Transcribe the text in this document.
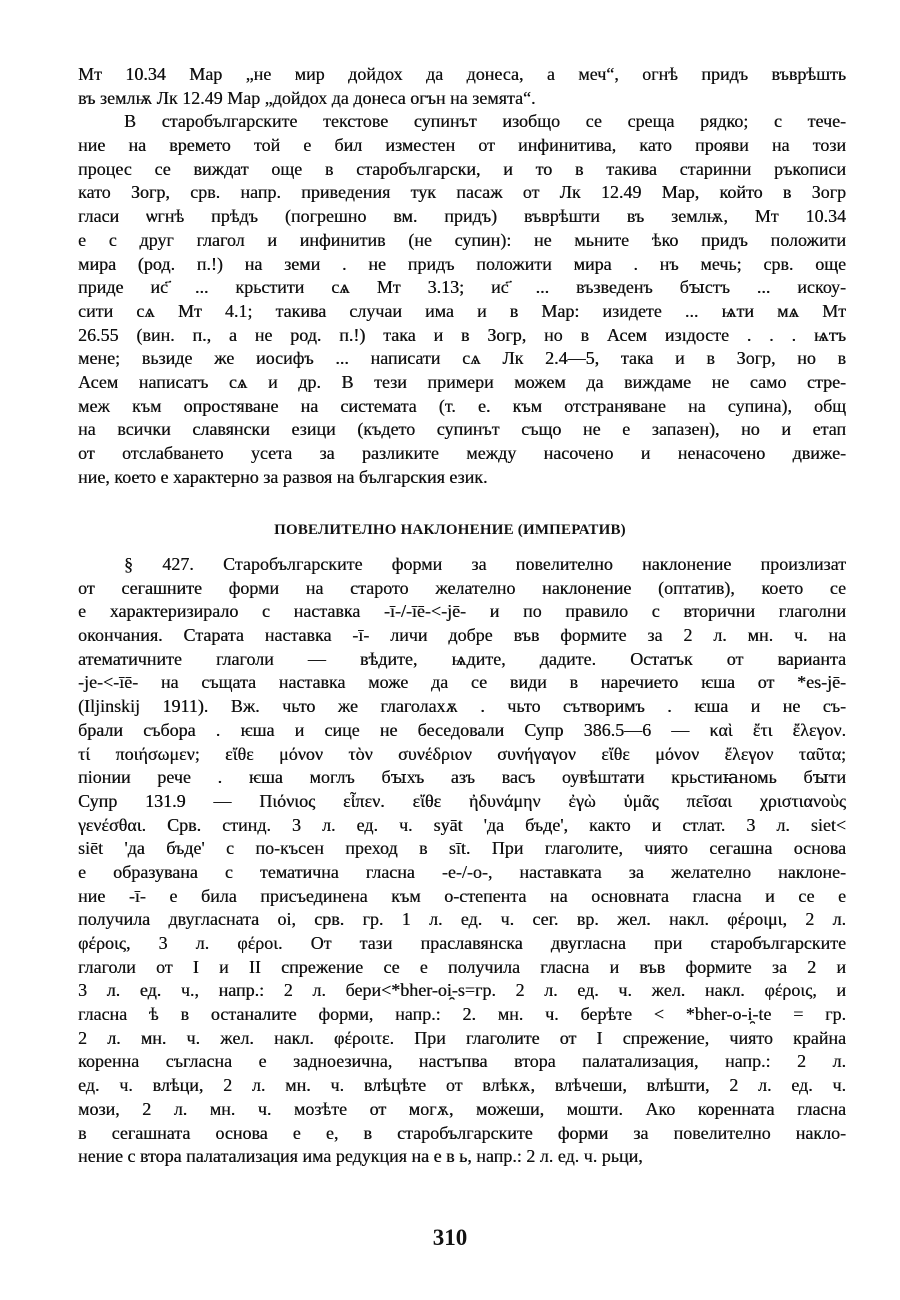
Мт 10.34 Мар „не мир дойдох да донеса, а меч“, огнѣ придъ въврѣшть
въ землѭ Лк 12.49 Мар „дойдох да донеса огън на земята“.
В старобългарските текстове супинът изобщо се среща рядко; с тече-
ние на времето той е бил изместен от инфинитива, като прояви на този
процес се виждат още в старобългарски, и то в такива старинни ръкописи
като Зогр, срв. напр. приведения тук пасаж от Лк 12.49 Мар, който в Зогр
гласи ѡгнѣ прѣдъ (погрешно вм. придъ) въврѣшти въ землѭ, Мт 10.34
е с друг глагол и инфинитив (не супин): не мьните ѣко придъ положити
мира (род. п.!) на земи . не придъ положити мира . нъ мечь; срв. още
приде ис҃ ... крьстити сѧ Мт 3.13; ис҃ ... възведенъ бꙑстъ ... искоу-
сити сѧ Мт 4.1; такива случаи има и в Мар: изидете ... ѩти мѧ Мт
26.55 (вин. п., а не род. п.!) така и в Зогр, но в Асем изıдосте . . . ѩтъ
мене; вьзиде же иосифъ ... написати сѧ Лк 2.4—5, така и в Зогр, но в
Асем написатъ сѧ и др. В тези примери можем да виждаме не само стре-
меж към опростяване на системата (т. е. към отстраняване на супина), общ
на всички славянски езици (където супинът също не е запазен), но и етап
от отслабването усета за разликите между насочено и ненасочено движе-
ние, което е характерно за развоя на българския език.
ПОВЕЛИТЕЛНО НАКЛОНЕНИЕ (ИМПЕРАТИВ)
§ 427. Старобългарските форми за повелително наклонение произлизат
от сегашните форми на старото желателно наклонение (оптатив), което се
е характеризирало с наставка -ī-/-īē-<-jē- и по правило с вторични глаголни
окончания. Старата наставка -ī- личи добре във формите за 2 л. мн. ч. на
атематичните глаголи — вѣдите, ѩдите, дадите. Остатък от варианта
-je-<-īē- на същата наставка може да се види в наречието ѥша от *es-jē-
(Iljinskij 1911). Вж. чьто же глаголахѫ . чьто сътворимъ . ѥша и не съ-
брали събора . ѥша и сице не беседовали Супр 386.5—6 — καὶ ἔτι ἔλεγον.
τί ποιήσωμεν; εἴθε μόνον τὸν συνέδριον συνήγαγον εἴθε μόνον ἔλεγον ταῦτα;
піонии рече . ѥша моглъ бꙑхъ азъ васъ оувѣштати крьстиꙗномь бꙑти
Супр 131.9 — Πιόνιος εἶπεν. εἴθε ἠδυνάμην ἐγὼ ὑμᾶς πεῖσαι χριστιανοὺς
γενέσθαι. Срв. стинд. 3 л. ед. ч. syāt 'да бъде', както и стлат. 3 л. siet<
siēt 'да бъде' с по-късен преход в sīt. При глаголите, чиято сегашна основа
е образувана с тематична гласна -e-/-o-, наставката за желателно наклоне-
ние -ī- е била присъединена към o-степента на основната гласна и се е
получила двугласната oi, срв. гр. 1 л. ед. ч. сег. вр. жел. накл. φέροιμι, 2 л.
φέροις, 3 л. φέροι. От тази праславянска двугласна при старобългарските
глаголи от I и II спрежение се е получила гласна и във формите за 2 и
3 л. ед. ч., напр.: 2 л. бери<*bher-oi̯-s=гр. 2 л. ед. ч. жел. накл. φέροις, и
гласна ѣ в останалите форми, напр.: 2. мн. ч. берѣте < *bher-o-i̯-te = гр.
2 л. мн. ч. жел. накл. φέροιτε. При глаголите от I спрежение, чиято крайна
коренна съгласна е задноезична, настъпва втора палатализация, напр.: 2 л.
ед. ч. влѣци, 2 л. мн. ч. влѣцѣте от влѣкѫ, влѣчеши, влѣшти, 2 л. ед. ч.
мози, 2 л. мн. ч. мозѣте от могѫ, можеши, мошти. Ако коренната гласна
в сегашната основа е е, в старобългарските форми за повелително накло-
нение с втора палатализация има редукция на е в ь, напр.: 2 л. ед. ч. рьци,
310
